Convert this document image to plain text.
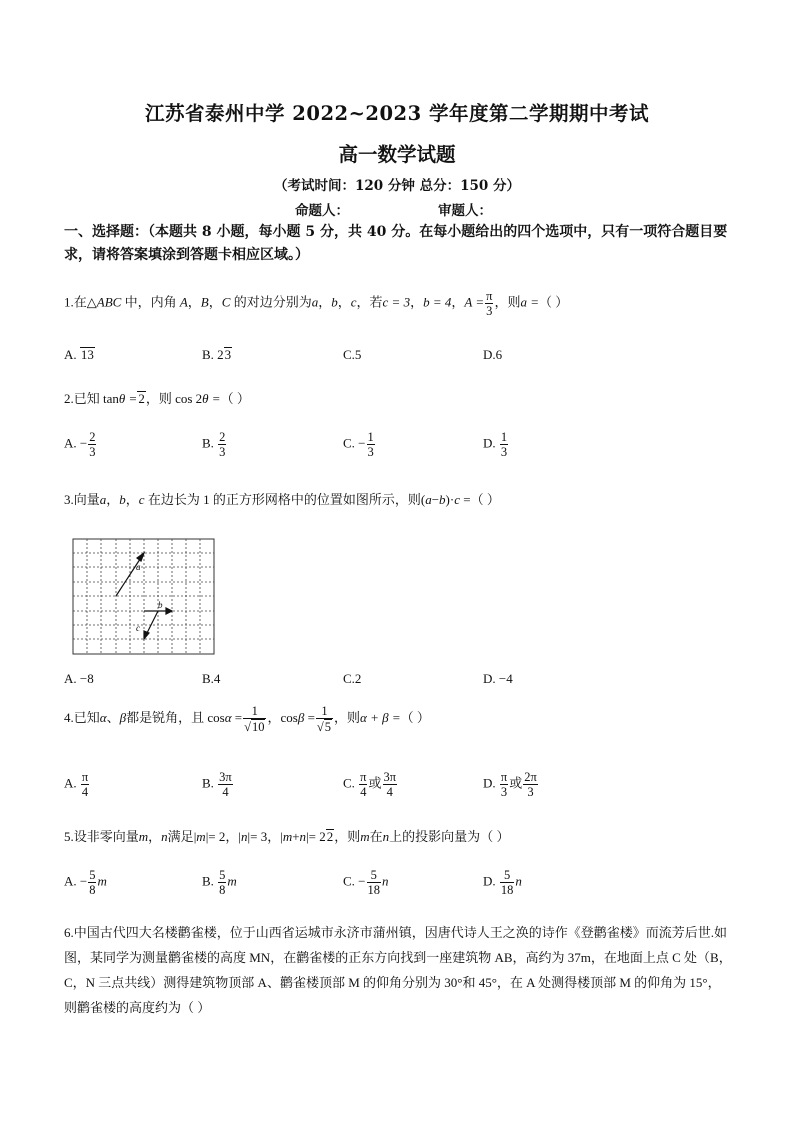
江苏省泰州中学 2022~2023 学年度第二学期期中考试
高一数学试题
（考试时间：120 分钟 总分：150 分）
命题人：	审题人：
一、选择题：（本题共 8 小题，每小题 5 分，共 40 分。在每小题给出的四个选项中，只有一项符合题目要求，请将答案填涂到答题卡相应区域。）
1.在△ABC 中，内角 A，B，C 的对边分别为a，b，c，若c = 3，b = 4，$A = \frac{\pi}{3}$ ，则a =（ ）
A. 13	B. 23	C.5	D.6
2.已知 tanθ =2，则 cos 2θ =（ ）
A. − $\frac{2}{3}$	B. $\frac{2}{3}$	C. − $\frac{1}{3}$	D. $\frac{1}{3}$
3.向量a，b，c 在边长为 1 的正方形网格中的位置如图所示，则(a−b)·c =（ ）
a
b
c
A. −8	B.4	C.2	D. −4
4.已知α、β都是锐角，且 $\cos\alpha = \frac{1}{√10}$ ，$\cos\beta = \frac{1}{√5}$ ，则α + β =（ ）
A. $\frac{\pi}{4}$	B. $\frac{3\pi}{4}$	C. $\frac{\pi}{4}$ 或 $\frac{3\pi}{4}$	D. $\frac{\pi}{3}$ 或 $\frac{2\pi}{3}$
5.设非零向量m，n满足|m|= 2，|n|= 3，|m+n|= 22，则m在n上的投影向量为（ ）
A. − $\frac{5}{8}$ m	B. $\frac{5}{8}$ m	C. − $\frac{5}{18}$ n	D. $\frac{5}{18}$ n
6.中国古代四大名楼鹳雀楼，位于山西省运城市永济市蒲州镇，因唐代诗人王之涣的诗作《登鹳雀楼》而流芳后世.如图，某同学为测量鹳雀楼的高度 MN，在鹳雀楼的正东方向找到一座建筑物 AB，高约为 37m，在地面上点 C 处（B，C，N 三点共线）测得建筑物顶部 A、鹳雀楼顶部 M 的仰角分别为 30°和 45°，在 A 处测得楼顶部 M 的仰角为 15°，则鹳雀楼的高度约为（ ）
